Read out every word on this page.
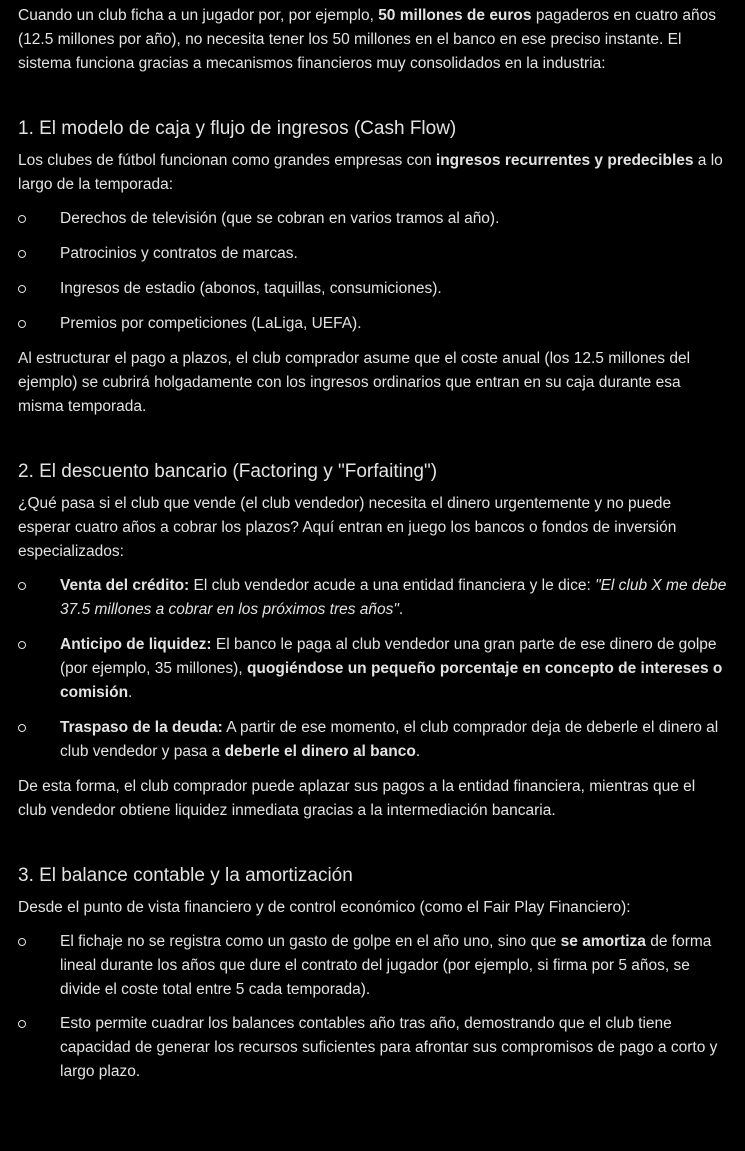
Cuando un club ficha a un jugador por, por ejemplo, 50 millones de euros pagaderos en cuatro años (12.5 millones por año), no necesita tener los 50 millones en el banco en ese preciso instante. El sistema funciona gracias a mecanismos financieros muy consolidados en la industria:

1. El modelo de caja y flujo de ingresos (Cash Flow)

Los clubes de fútbol funcionan como grandes empresas con ingresos recurrentes y predecibles a lo largo de la temporada:

Derechos de televisión (que se cobran en varios tramos al año).
Patrocinios y contratos de marcas.
Ingresos de estadio (abonos, taquillas, consumiciones).
Premios por competiciones (LaLiga, UEFA).

Al estructurar el pago a plazos, el club comprador asume que el coste anual (los 12.5 millones del ejemplo) se cubrirá holgadamente con los ingresos ordinarios que entran en su caja durante esa misma temporada.

2. El descuento bancario (Factoring y "Forfaiting")

¿Qué pasa si el club que vende (el club vendedor) necesita el dinero urgentemente y no puede esperar cuatro años a cobrar los plazos? Aquí entran en juego los bancos o fondos de inversión especializados:

Venta del crédito: El club vendedor acude a una entidad financiera y le dice: "El club X me debe 37.5 millones a cobrar en los próximos tres años".
Anticipo de liquidez: El banco le paga al club vendedor una gran parte de ese dinero de golpe (por ejemplo, 35 millones), quogiéndose un pequeño porcentaje en concepto de intereses o comisión.
Traspaso de la deuda: A partir de ese momento, el club comprador deja de deberle el dinero al club vendedor y pasa a deberle el dinero al banco.

De esta forma, el club comprador puede aplazar sus pagos a la entidad financiera, mientras que el club vendedor obtiene liquidez inmediata gracias a la intermediación bancaria.

3. El balance contable y la amortización

Desde el punto de vista financiero y de control económico (como el Fair Play Financiero):

El fichaje no se registra como un gasto de golpe en el año uno, sino que se amortiza de forma lineal durante los años que dure el contrato del jugador (por ejemplo, si firma por 5 años, se divide el coste total entre 5 cada temporada).
Esto permite cuadrar los balances contables año tras año, demostrando que el club tiene capacidad de generar los recursos suficientes para afrontar sus compromisos de pago a corto y largo plazo.
